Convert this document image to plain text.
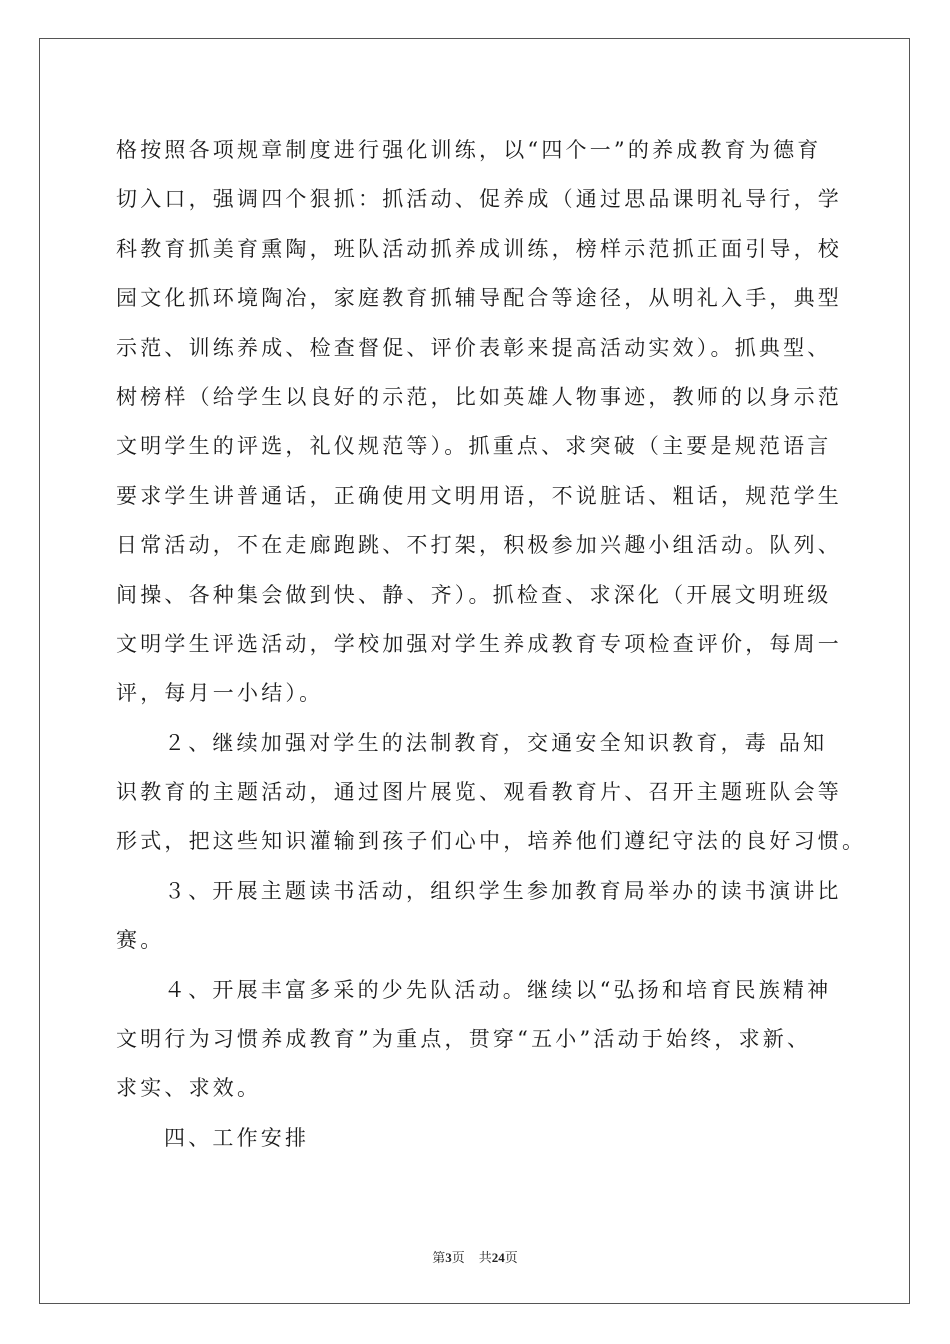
格按照各项规章制度进行强化训练，以“四个一”的养成教育为德育
切入口，强调四个狠抓：抓活动、促养成（通过思品课明礼导行，学
科教育抓美育熏陶，班队活动抓养成训练，榜样示范抓正面引导，校
园文化抓环境陶冶，家庭教育抓辅导配合等途径，从明礼入手，典型
示范、训练养成、检查督促、评价表彰来提高活动实效）。抓典型、
树榜样（给学生以良好的示范，比如英雄人物事迹，教师的以身示范
文明学生的评选，礼仪规范等）。抓重点、求突破（主要是规范语言
要求学生讲普通话，正确使用文明用语，不说脏话、粗话，规范学生
日常活动，不在走廊跑跳、不打架，积极参加兴趣小组活动。队列、
间操、各种集会做到快、静、齐）。抓检查、求深化（开展文明班级
文明学生评选活动，学校加强对学生养成教育专项检查评价，每周一
评，每月一小结）。
２、继续加强对学生的法制教育，交通安全知识教育，毒 品知
识教育的主题活动，通过图片展览、观看教育片、召开主题班队会等
形式，把这些知识灌输到孩子们心中，培养他们遵纪守法的良好习惯。
３、开展主题读书活动，组织学生参加教育局举办的读书演讲比
赛。
４、开展丰富多采的少先队活动。继续以“弘扬和培育民族精神
文明行为习惯养成教育”为重点，贯穿“五小”活动于始终，求新、
求实、求效。
四、工作安排
第3页 共24页
